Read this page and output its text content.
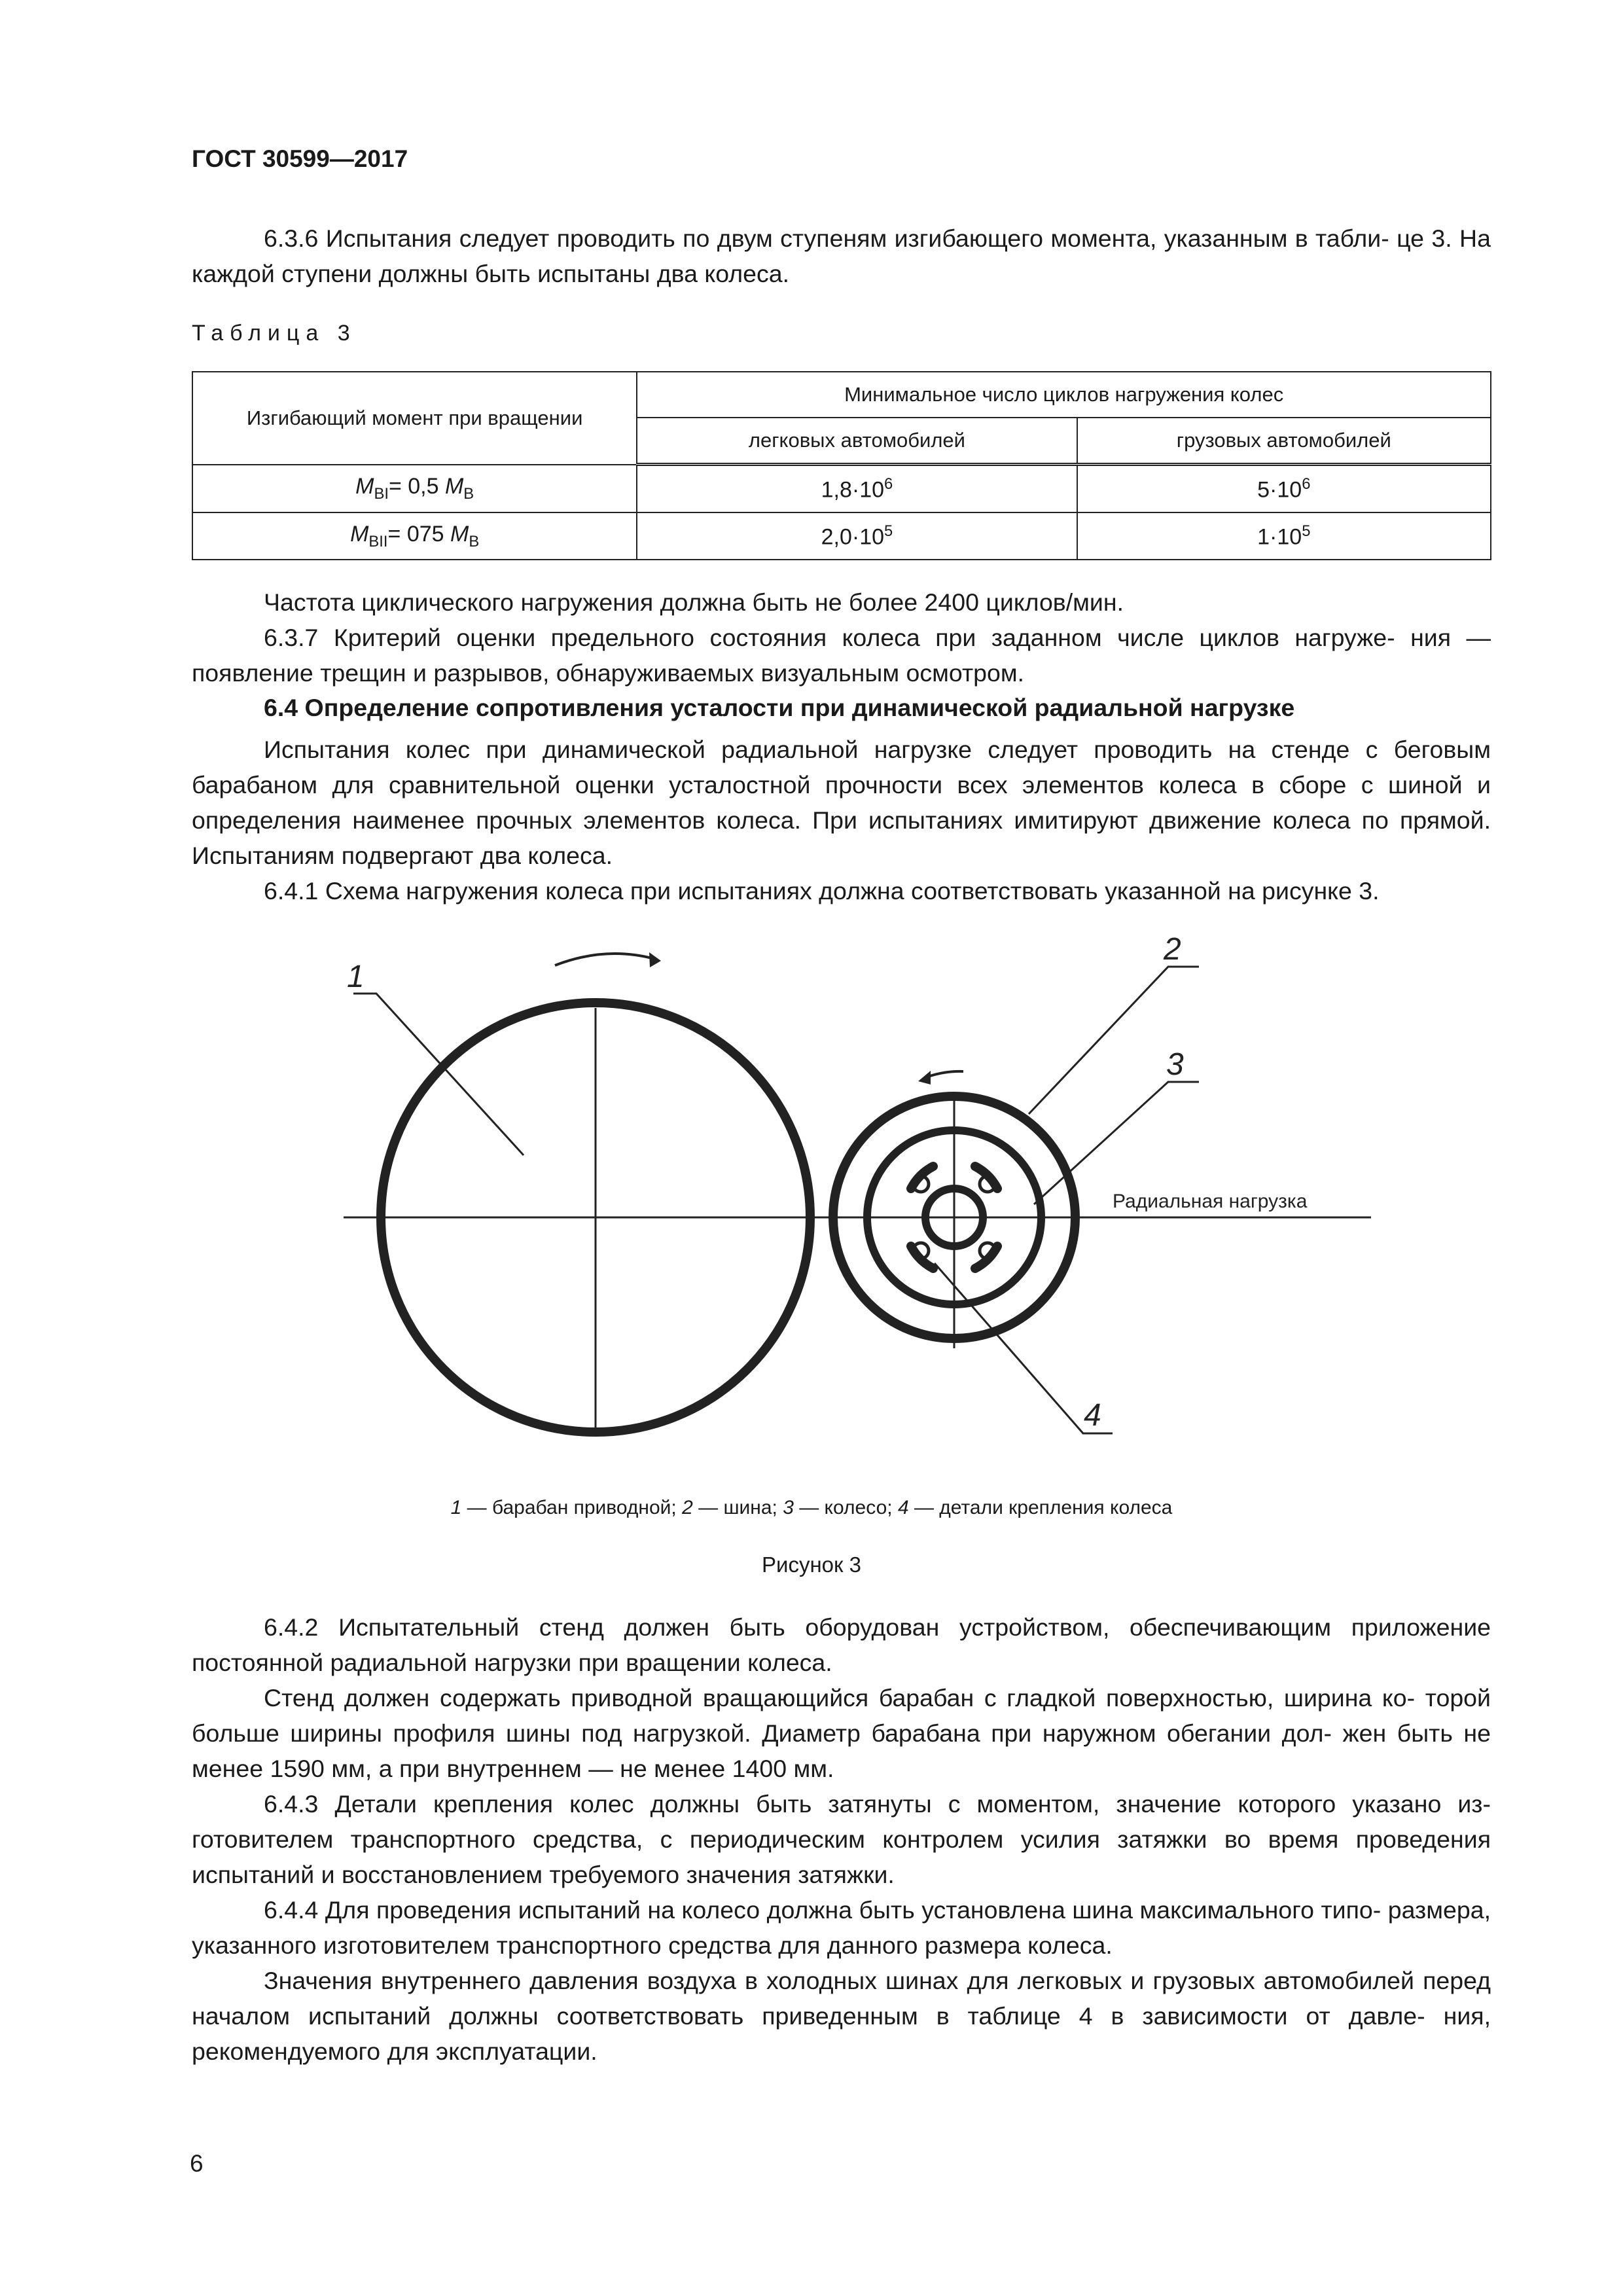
ГОСТ 30599—2017

6.3.6 Испытания следует проводить по двум ступеням изгибающего момента, указанным в табли- це 3. На каждой ступени должны быть испытаны два колеса.

Таблица 3
Изгибающий момент при вращении	Минимальное число циклов нагружения колес	
	легковых автомобилей	грузовых автомобилей
$M_{BI}= 0,5$ $M_B$	$1,8\cdot 10^6$	$5\cdot 10^6$
$M_{BII}= 075$ $M_B$	$2,0\cdot 10^5$	$1\cdot 10^5$

Частота циклического нагружения должна быть не более 2400 циклов/мин.

6.3.7 Критерий оценки предельного состояния колеса при заданном числе циклов нагруже- ния — появление трещин и разрывов, обнаруживаемых визуальным осмотром.

6.4 Определение сопротивления усталости при динамической радиальной нагрузке

Испытания колес при динамической радиальной нагрузке следует проводить на стенде с беговым барабаном для сравнительной оценки усталостной прочности всех элементов колеса в сборе с шиной и определения наименее прочных элементов колеса. При испытаниях имитируют движение колеса по прямой. Испытаниям подвергают два колеса.

6.4.1 Схема нагружения колеса при испытаниях должна соответствовать указанной на рисунке 3.

1
2
3
4
Радиальная нагрузка
1 — барабан приводной; 2 — шина; 3 — колесо; 4 — детали крепления колеса
Рисунок 3

6.4.2 Испытательный стенд должен быть оборудован устройством, обеспечивающим приложение постоянной радиальной нагрузки при вращении колеса.

Стенд должен содержать приводной вращающийся барабан с гладкой поверхностью, ширина ко- торой больше ширины профиля шины под нагрузкой. Диаметр барабана при наружном обегании дол- жен быть не менее 1590 мм, а при внутреннем — не менее 1400 мм.

6.4.3 Детали крепления колес должны быть затянуты с моментом, значение которого указано из- готовителем транспортного средства, с периодическим контролем усилия затяжки во время проведения испытаний и восстановлением требуемого значения затяжки.

6.4.4 Для проведения испытаний на колесо должна быть установлена шина максимального типо- размера, указанного изготовителем транспортного средства для данного размера колеса.

Значения внутреннего давления воздуха в холодных шинах для легковых и грузовых автомобилей перед началом испытаний должны соответствовать приведенным в таблице 4 в зависимости от давле- ния, рекомендуемого для эксплуатации.

6
